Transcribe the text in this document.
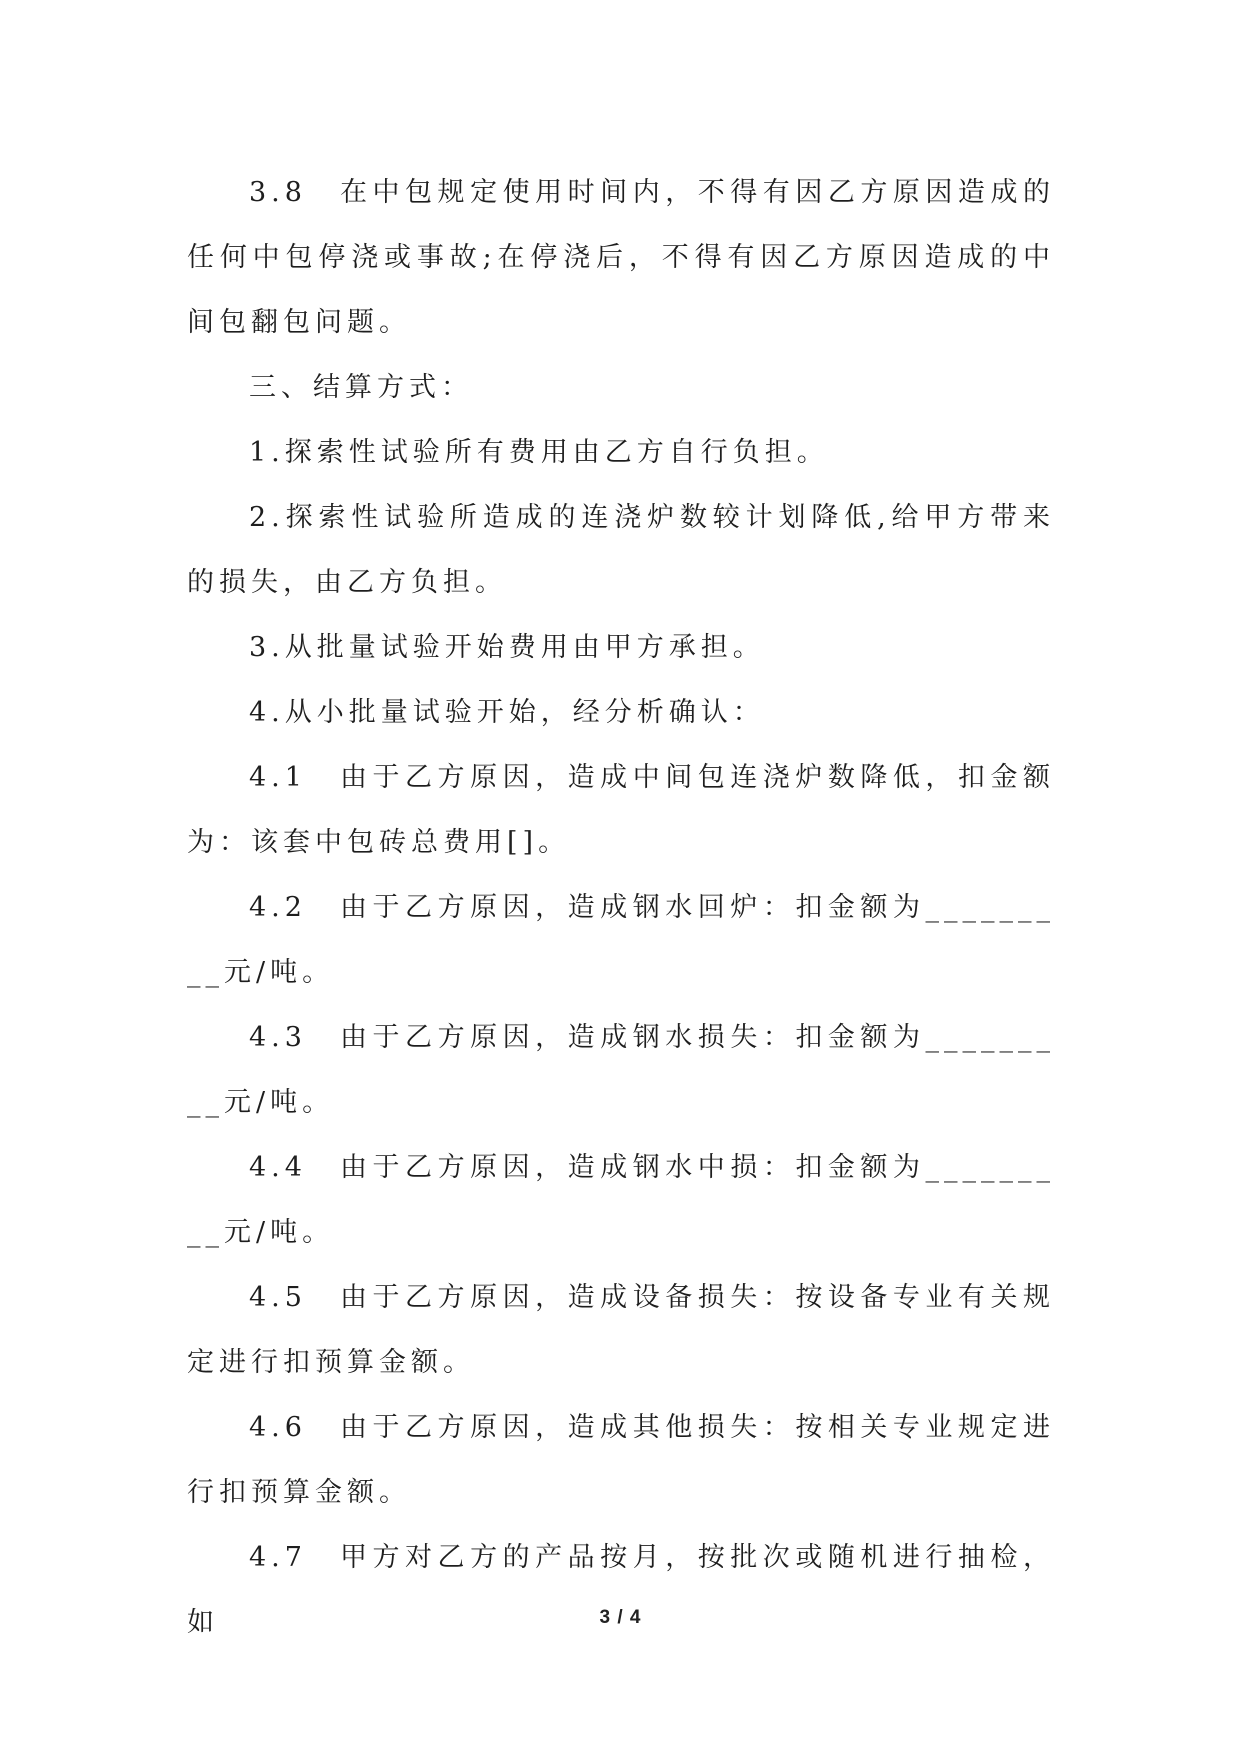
3.8　在中包规定使用时间内，不得有因乙方原因造成的任何中包停浇或事故;在停浇后，不得有因乙方原因造成的中间包翻包问题。

三、结算方式：

1.探索性试验所有费用由乙方自行负担。

2.探索性试验所造成的连浇炉数较计划降低,给甲方带来的损失，由乙方负担。

3.从批量试验开始费用由甲方承担。

4.从小批量试验开始，经分析确认：

4.1　由于乙方原因，造成中间包连浇炉数降低，扣金额为：该套中包砖总费用[]。

4.2　由于乙方原因，造成钢水回炉：扣金额为_________元/吨。

4.3　由于乙方原因，造成钢水损失：扣金额为_________元/吨。

4.4　由于乙方原因，造成钢水中损：扣金额为_________元/吨。

4.5　由于乙方原因，造成设备损失：按设备专业有关规定进行扣预算金额。

4.6　由于乙方原因，造成其他损失：按相关专业规定进行扣预算金额。

4.7　甲方对乙方的产品按月，按批次或随机进行抽检，如	3 / 4
